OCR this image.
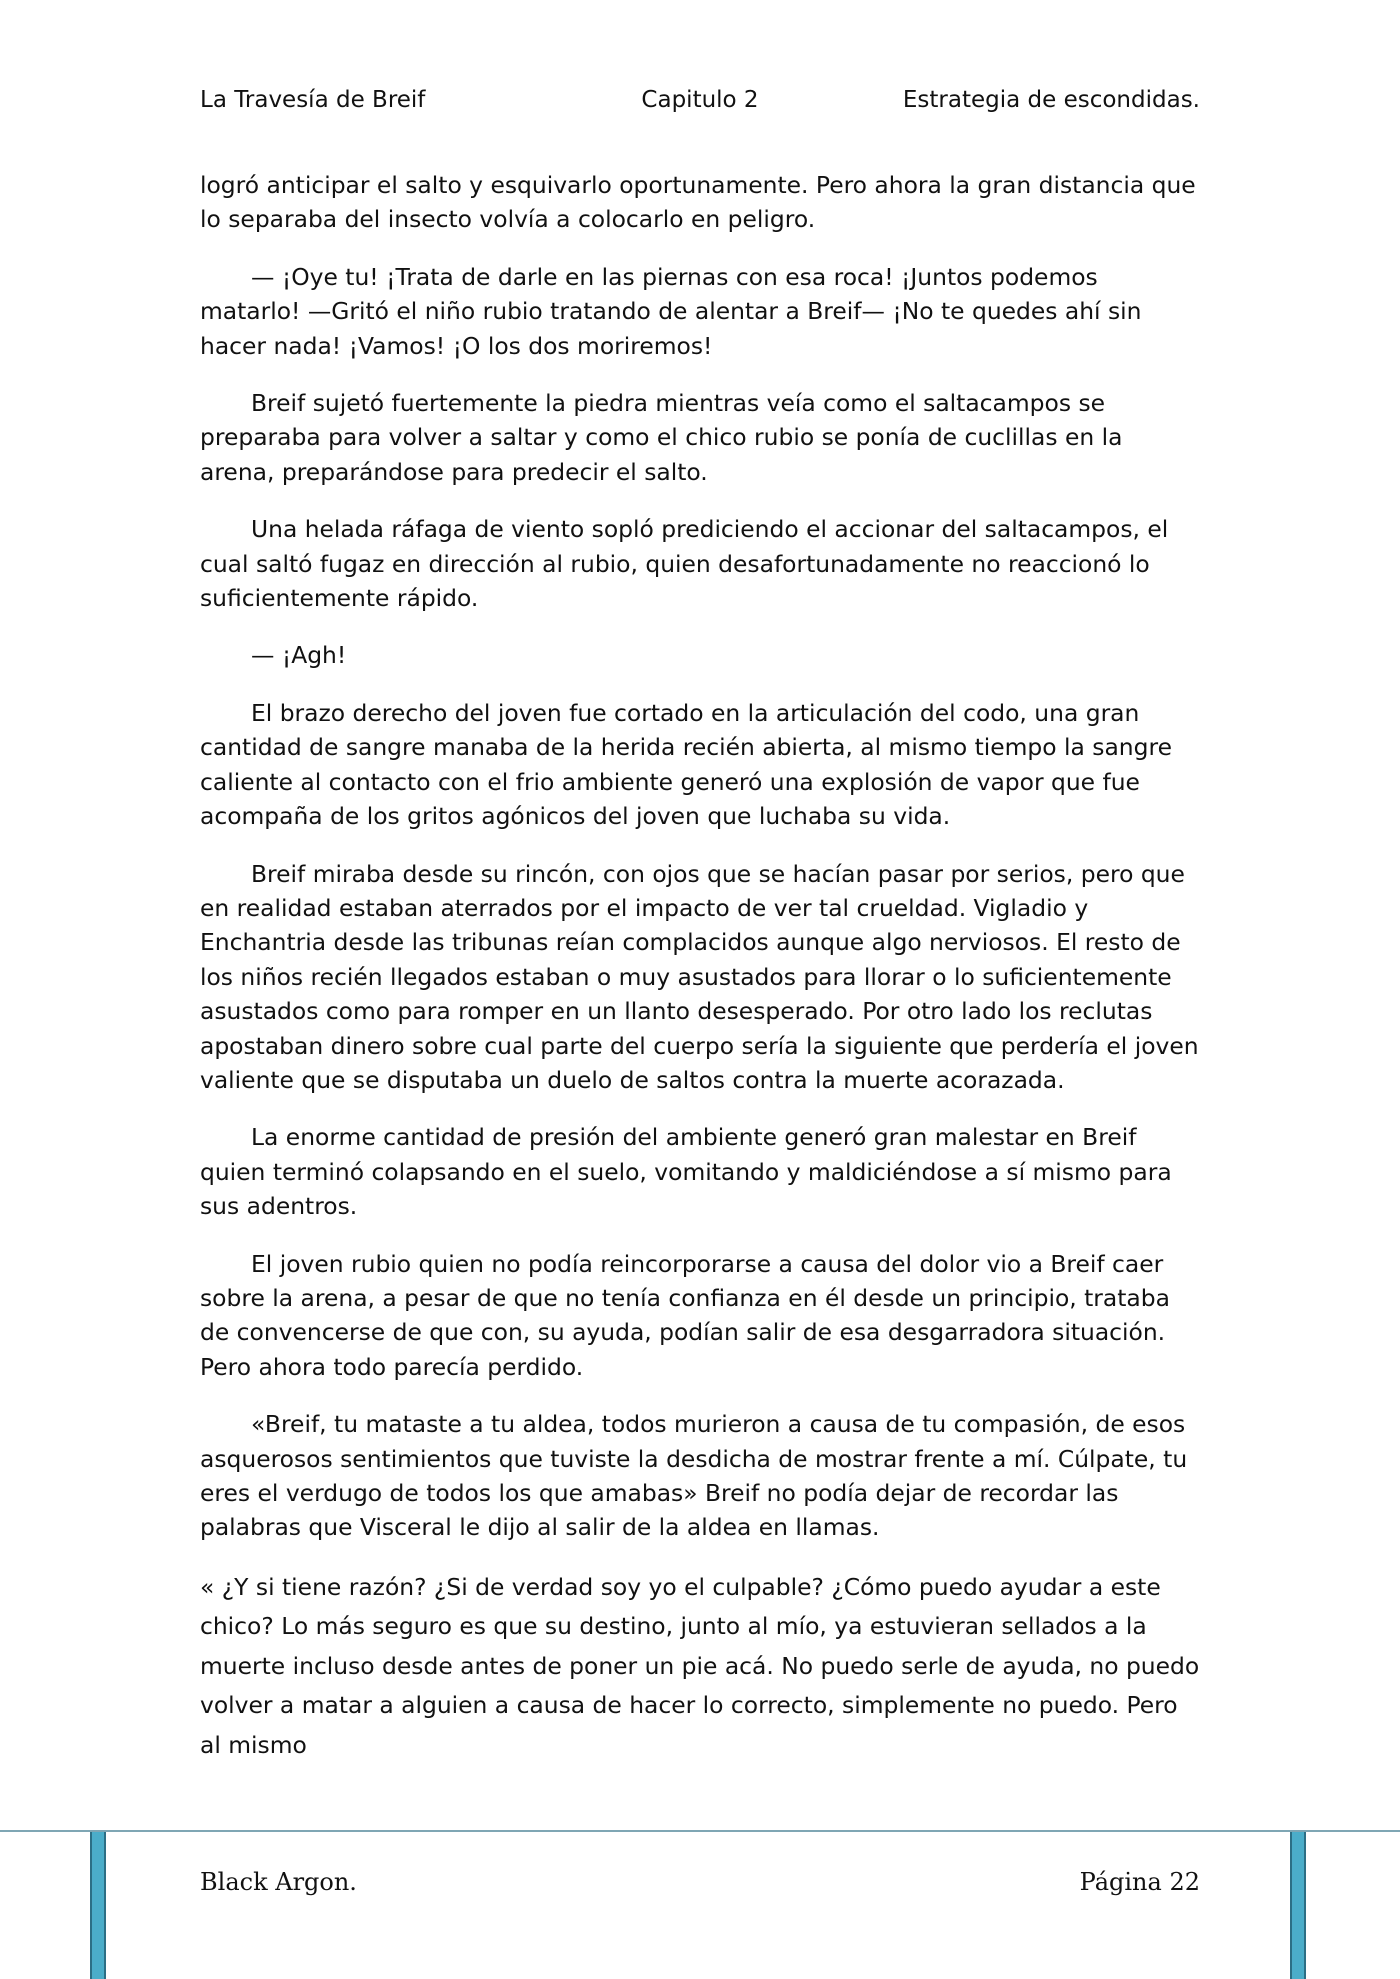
La Travesía de Breif	Capitulo 2	Estrategia de escondidas.

logró anticipar el salto y esquivarlo oportunamente. Pero ahora la gran distancia que lo separaba del insecto volvía a colocarlo en peligro.

— ¡Oye tu! ¡Trata de darle en las piernas con esa roca! ¡Juntos podemos matarlo! —Gritó el niño rubio tratando de alentar a Breif— ¡No te quedes ahí sin hacer nada! ¡Vamos! ¡O los dos moriremos!

Breif sujetó fuertemente la piedra mientras veía como el saltacampos se preparaba para volver a saltar y como el chico rubio se ponía de cuclillas en la arena, preparándose para predecir el salto.

Una helada ráfaga de viento sopló prediciendo el accionar del saltacampos, el cual saltó fugaz en dirección al rubio, quien desafortunadamente no reaccionó lo suficientemente rápido.

— ¡Agh!

El brazo derecho del joven fue cortado en la articulación del codo, una gran cantidad de sangre manaba de la herida recién abierta, al mismo tiempo la sangre caliente al contacto con el frio ambiente generó una explosión de vapor que fue acompaña de los gritos agónicos del joven que luchaba su vida.

Breif miraba desde su rincón, con ojos que se hacían pasar por serios, pero que en realidad estaban aterrados por el impacto de ver tal crueldad. Vigladio y Enchantria desde las tribunas reían complacidos aunque algo nerviosos. El resto de los niños recién llegados estaban o muy asustados para llorar o lo suficientemente asustados como para romper en un llanto desesperado. Por otro lado los reclutas apostaban dinero sobre cual parte del cuerpo sería la siguiente que perdería el joven valiente que se disputaba un duelo de saltos contra la muerte acorazada.

La enorme cantidad de presión del ambiente generó gran malestar en Breif quien terminó colapsando en el suelo, vomitando y maldiciéndose a sí mismo para sus adentros.

El joven rubio quien no podía reincorporarse a causa del dolor vio a Breif caer sobre la arena, a pesar de que no tenía confianza en él desde un principio, trataba de convencerse de que con, su ayuda, podían salir de esa desgarradora situación. Pero ahora todo parecía perdido.

«Breif, tu mataste a tu aldea, todos murieron a causa de tu compasión, de esos asquerosos sentimientos que tuviste la desdicha de mostrar frente a mí. Cúlpate, tu eres el verdugo de todos los que amabas» Breif no podía dejar de recordar las palabras que Visceral le dijo al salir de la aldea en llamas.

« ¿Y si tiene razón? ¿Si de verdad soy yo el culpable? ¿Cómo puedo ayudar a este chico? Lo más seguro es que su destino, junto al mío, ya estuvieran sellados a la muerte incluso desde antes de poner un pie acá. No puedo serle de ayuda, no puedo volver a matar a alguien a causa de hacer lo correcto, simplemente no puedo. Pero al mismo

Black Argon.	Página 22
